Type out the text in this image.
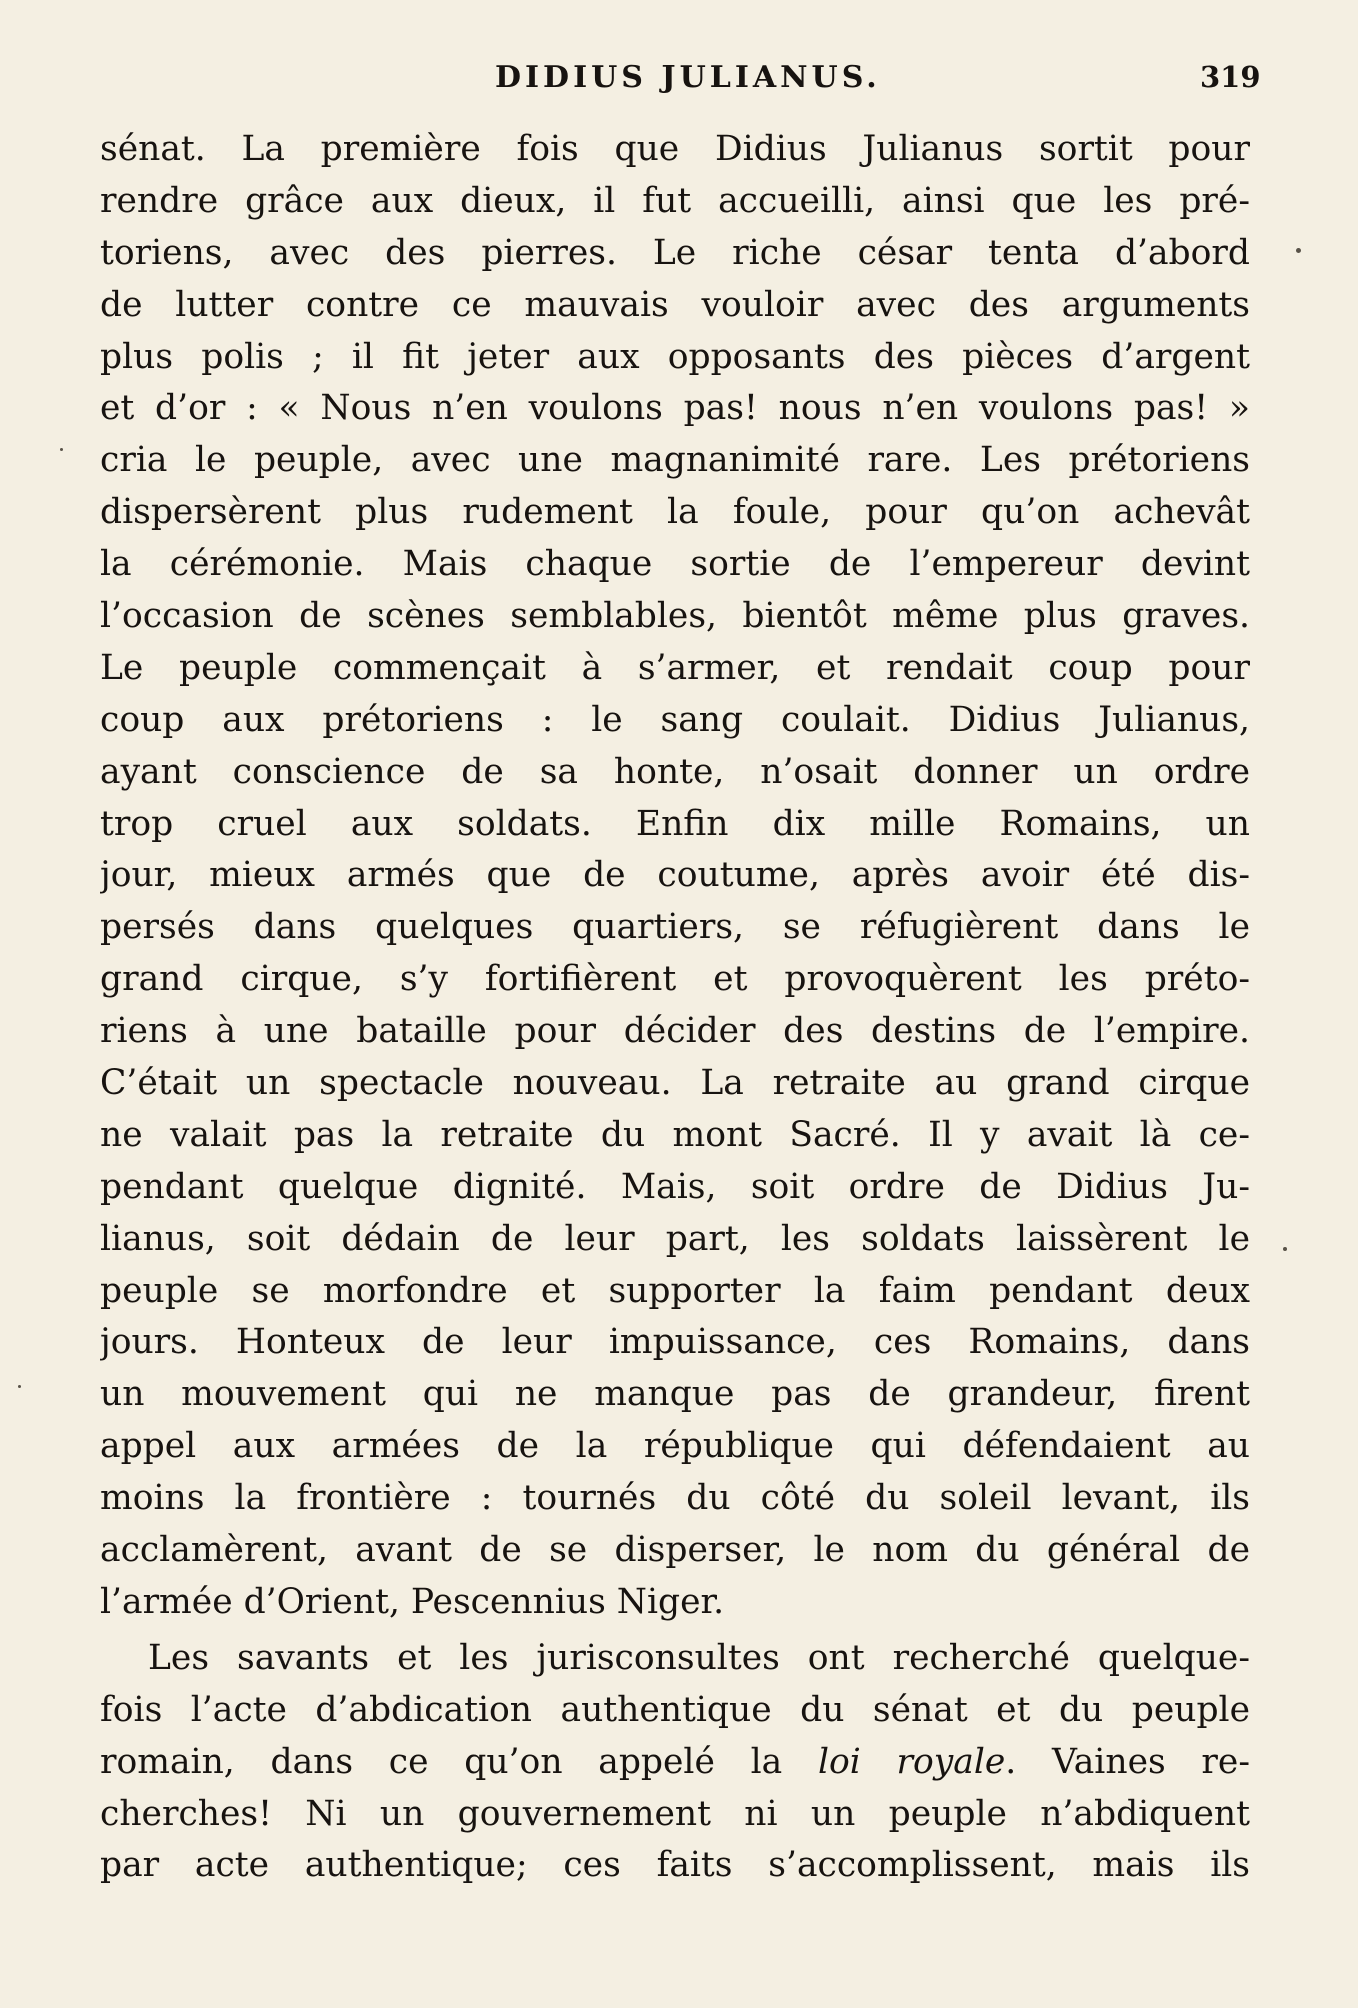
DIDIUS JULIANUS.	319
sénat. La première fois que Didius Julianus sortit pour
rendre grâce aux dieux, il fut accueilli, ainsi que les pré-
toriens, avec des pierres. Le riche césar tenta d’abord
de lutter contre ce mauvais vouloir avec des arguments
plus polis ; il fit jeter aux opposants des pièces d’argent
et d’or : « Nous n’en voulons pas! nous n’en voulons pas! »
cria le peuple, avec une magnanimité rare. Les prétoriens
dispersèrent plus rudement la foule, pour qu’on achevât
la cérémonie. Mais chaque sortie de l’empereur devint
l’occasion de scènes semblables, bientôt même plus graves.
Le peuple commençait à s’armer, et rendait coup pour
coup aux prétoriens : le sang coulait. Didius Julianus,
ayant conscience de sa honte, n’osait donner un ordre
trop cruel aux soldats. Enfin dix mille Romains, un
jour, mieux armés que de coutume, après avoir été dis-
persés dans quelques quartiers, se réfugièrent dans le
grand cirque, s’y fortifièrent et provoquèrent les préto-
riens à une bataille pour décider des destins de l’empire.
C’était un spectacle nouveau. La retraite au grand cirque
ne valait pas la retraite du mont Sacré. Il y avait là ce-
pendant quelque dignité. Mais, soit ordre de Didius Ju-
lianus, soit dédain de leur part, les soldats laissèrent le
peuple se morfondre et supporter la faim pendant deux
jours. Honteux de leur impuissance, ces Romains, dans
un mouvement qui ne manque pas de grandeur, firent
appel aux armées de la république qui défendaient au
moins la frontière : tournés du côté du soleil levant, ils
acclamèrent, avant de se disperser, le nom du général de
l’armée d’Orient, Pescennius Niger.
Les savants et les jurisconsultes ont recherché quelque-
fois l’acte d’abdication authentique du sénat et du peuple
romain, dans ce qu’on appelé la loi royale. Vaines re-
cherches! Ni un gouvernement ni un peuple n’abdiquent
par acte authentique; ces faits s’accomplissent, mais ils
